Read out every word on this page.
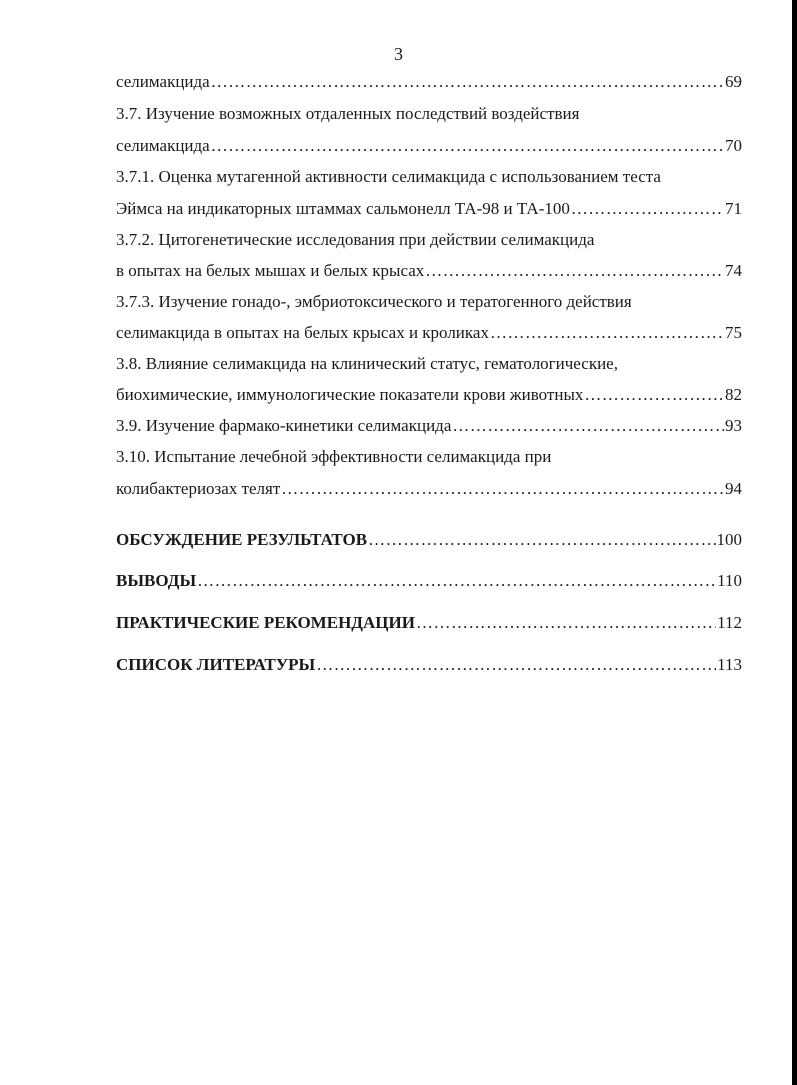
3
селимакцида ……………………………………………………………………………………………………………………………………………………	69
3.7. Изучение возможных отдаленных последствий воздействия
селимакцида ……………………………………………………………………………………………………………………………………………………	70
3.7.1. Оценка мутагенной активности селимакцида с использованием теста
Эймса на индикаторных штаммах сальмонелл ТА-98 и ТА-100 ……………………………………………………………………………………………………………………………………………………	71
3.7.2. Цитогенетические исследования при действии селимакцида
в опытах на белых мышах и белых крысах ……………………………………………………………………………………………………………………………………………………	74
3.7.3. Изучение гонадо-, эмбриотоксического и тератогенного действия
селимакцида в опытах на белых крысах и кроликах ……………………………………………………………………………………………………………………………………………………	75
3.8. Влияние селимакцида на клинический статус, гематологические,
биохимические, иммунологические показатели крови животных ……………………………………………………………………………………………………………………………………………………	82
3.9. Изучение фармако-кинетики селимакцида ……………………………………………………………………………………………………………………………………………………	93
3.10. Испытание лечебной эффективности селимакцида при
колибактериозах телят ……………………………………………………………………………………………………………………………………………………	94
ОБСУЖДЕНИЕ РЕЗУЛЬТАТОВ ……………………………………………………………………………………………………………………………………………………	100
ВЫВОДЫ ……………………………………………………………………………………………………………………………………………………	110
ПРАКТИЧЕСКИЕ РЕКОМЕНДАЦИИ ……………………………………………………………………………………………………………………………………………………	112
СПИСОК ЛИТЕРАТУРЫ ……………………………………………………………………………………………………………………………………………………	113
